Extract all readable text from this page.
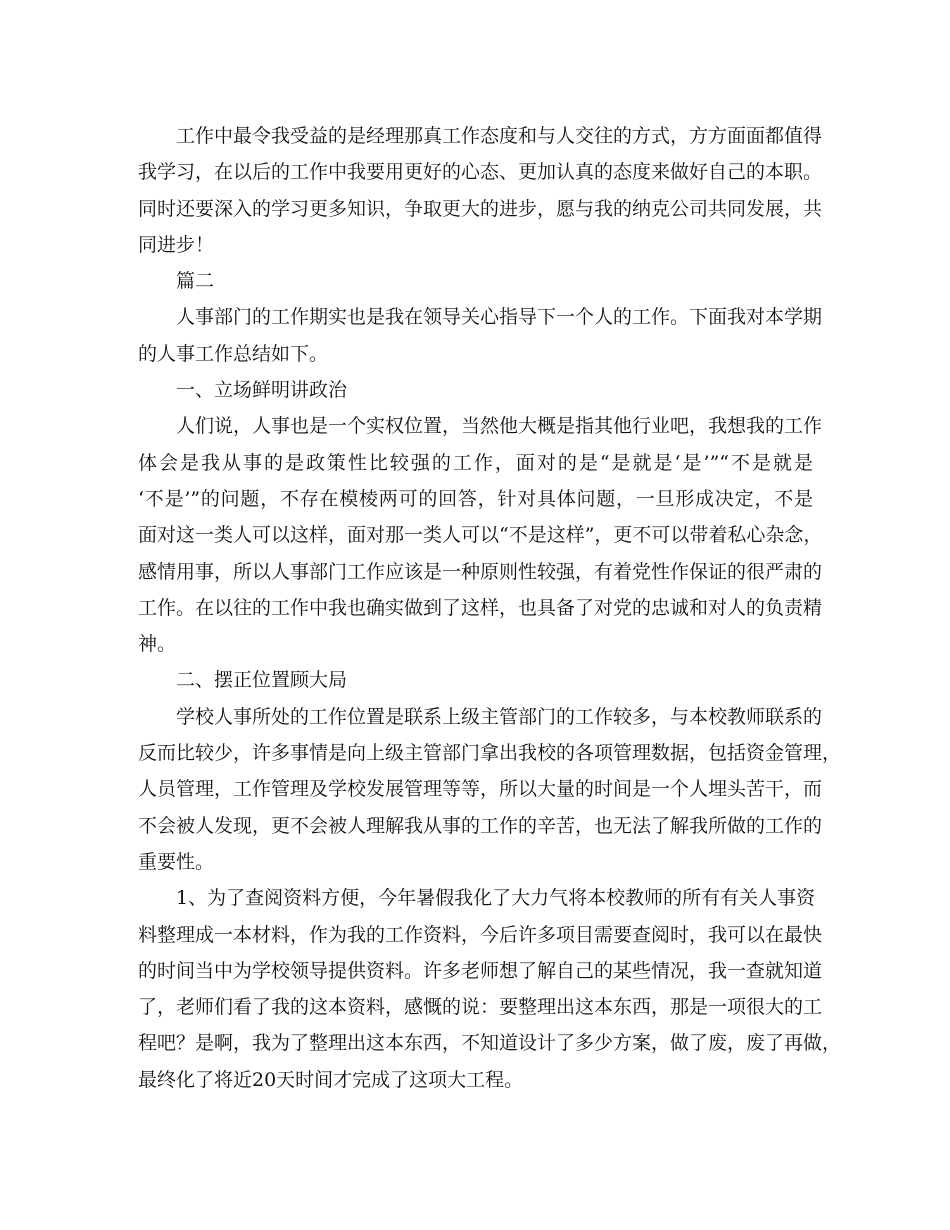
工作中最令我受益的是经理那真工作态度和与人交往的方式，方方面面都值得
我学习，在以后的工作中我要用更好的心态、更加认真的态度来做好自己的本职。
同时还要深入的学习更多知识，争取更大的进步，愿与我的纳克公司共同发展，共
同进步！
篇二
人事部门的工作期实也是我在领导关心指导下一个人的工作。下面我对本学期
的人事工作总结如下。
一、立场鲜明讲政治
人们说，人事也是一个实权位置，当然他大概是指其他行业吧，我想我的工作
体会是我从事的是政策性比较强的工作，面对的是“是就是‘是’”“不是就是
‘不是’”的问题，不存在模棱两可的回答，针对具体问题，一旦形成决定，不是
面对这一类人可以这样，面对那一类人可以“不是这样”，更不可以带着私心杂念，
感情用事，所以人事部门工作应该是一种原则性较强，有着党性作保证的很严肃的
工作。在以往的工作中我也确实做到了这样，也具备了对党的忠诚和对人的负责精
神。
二、摆正位置顾大局
学校人事所处的工作位置是联系上级主管部门的工作较多，与本校教师联系的
反而比较少，许多事情是向上级主管部门拿出我校的各项管理数据，包括资金管理，
人员管理，工作管理及学校发展管理等等，所以大量的时间是一个人埋头苦干，而
不会被人发现，更不会被人理解我从事的工作的辛苦，也无法了解我所做的工作的
重要性。
1、为了查阅资料方便，今年暑假我化了大力气将本校教师的所有有关人事资
料整理成一本材料，作为我的工作资料，今后许多项目需要查阅时，我可以在最快
的时间当中为学校领导提供资料。许多老师想了解自己的某些情况，我一查就知道
了，老师们看了我的这本资料，感慨的说：要整理出这本东西，那是一项很大的工
程吧？是啊，我为了整理出这本东西，不知道设计了多少方案，做了废，废了再做，
最终化了将近20天时间才完成了这项大工程。
